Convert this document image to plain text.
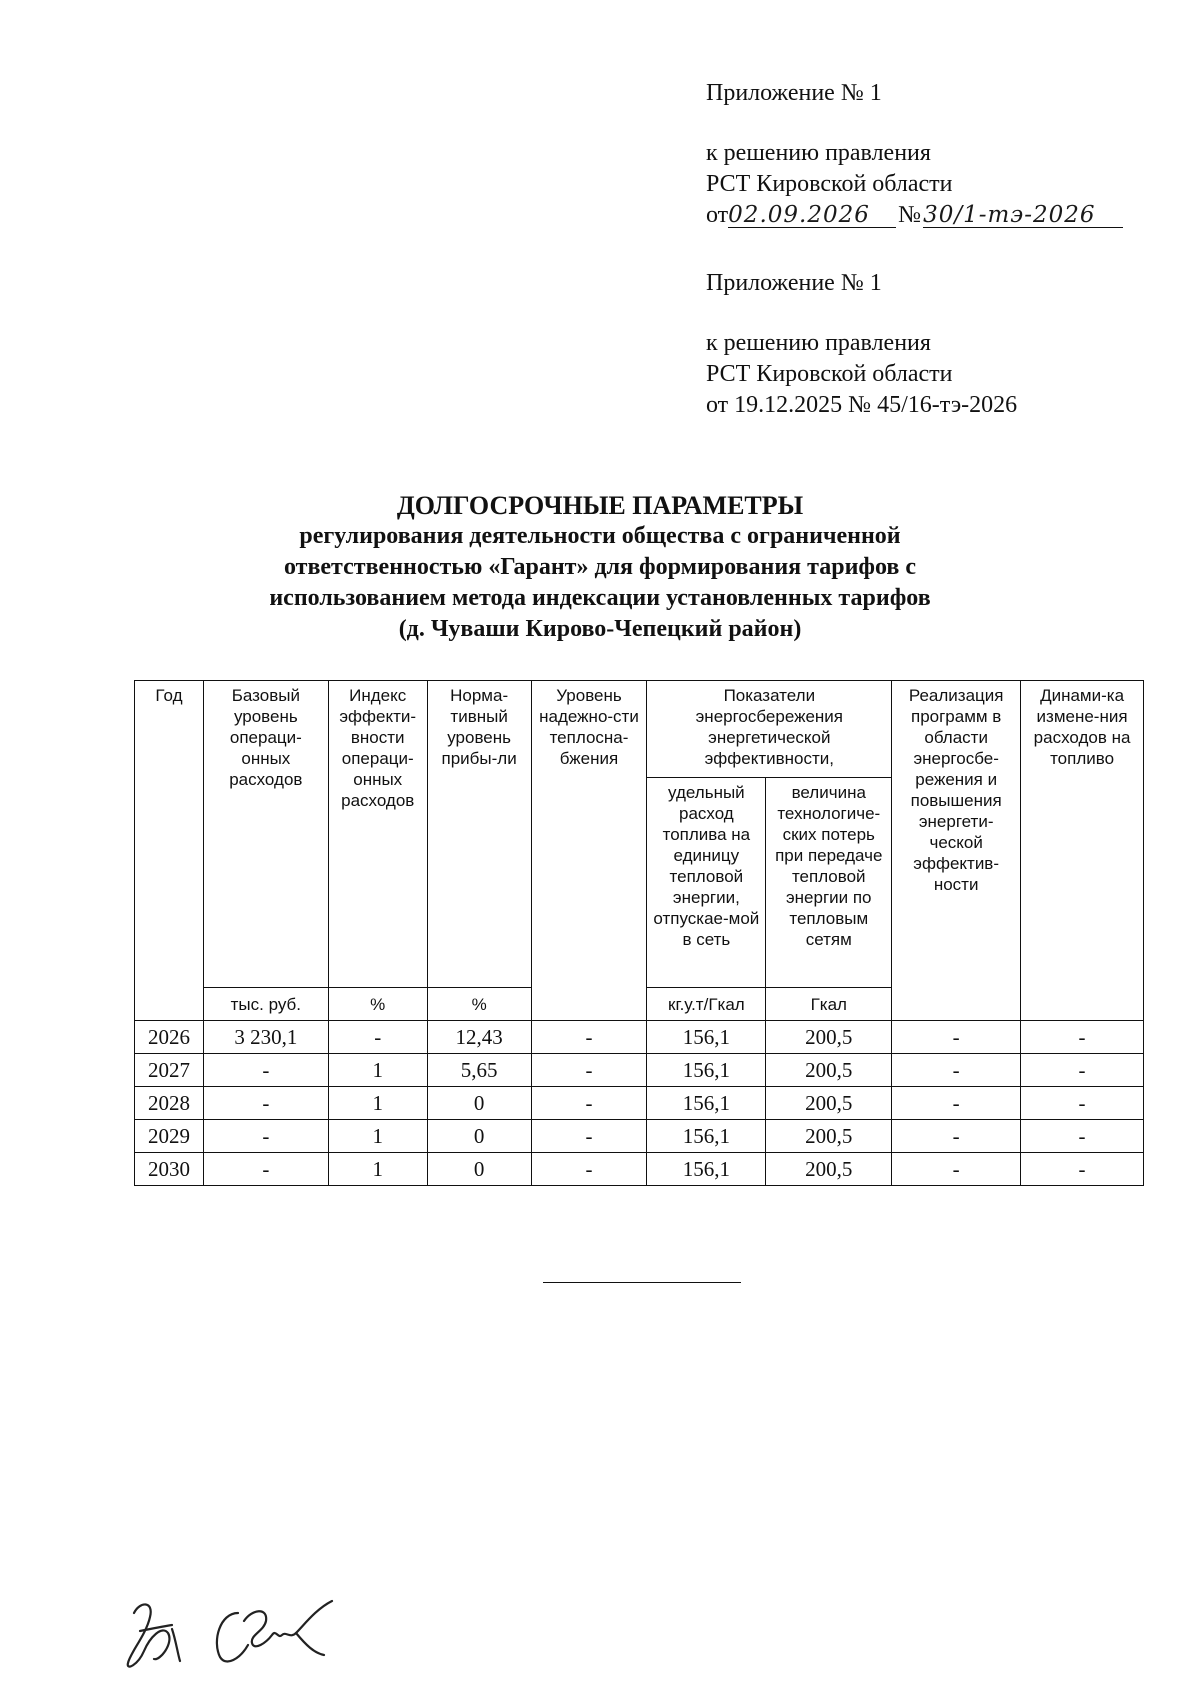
Приложение № 1

к решению правления

РСТ Кировской области

от02.09.2026 №30/1-тэ-2026

Приложение № 1

к решению правления

РСТ Кировской области

от 19.12.2025 № 45/16-тэ-2026

ДОЛГОСРОЧНЫЕ ПАРАМЕТРЫ
регулирования деятельности общества с ограниченной
ответственностью «Гарант» для формирования тарифов с
использованием метода индексации установленных тарифов
(д. Чуваши Кирово-Чепецкий район)
Год	Базовый уровень операци-онных расходов	Индекс эффекти-вности операци-онных расходов	Норма-тивный уровень прибы-ли	Уровень надежно-сти теплосна-бжения	Показатели энергосбережения энергетической эффективности,		Реализация программ в области энергосбе-режения и повышения энергети-ческой эффектив-ности	Динами-ка измене-ния расходов на топливо
					удельный расход топлива на единицу тепловой энергии, отпускае-мой в сеть	величина технологиче-ских потерь при передаче тепловой энергии по тепловым сетям		
	тыс. руб.	%	%		кг.у.т/Гкал	Гкал		
2026	3 230,1	-	12,43	-	156,1	200,5	-	-
2027	-	1	5,65	-	156,1	200,5	-	-
2028	-	1	0	-	156,1	200,5	-	-
2029	-	1	0	-	156,1	200,5	-	-
2030	-	1	0	-	156,1	200,5	-	-
